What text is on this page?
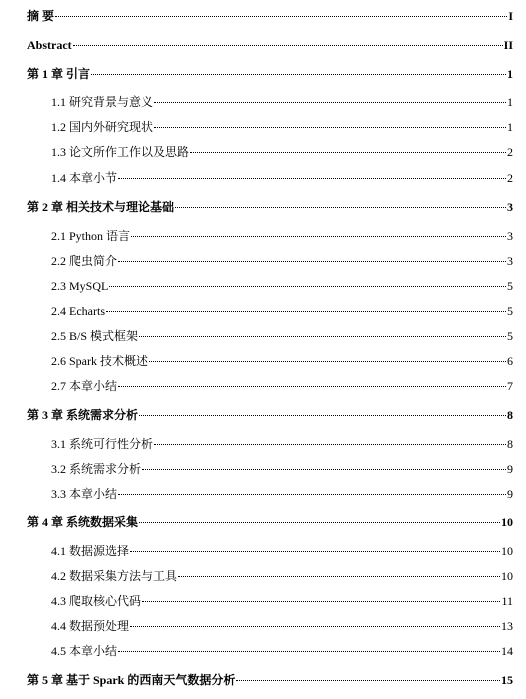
摘 要	I
Abstract	II
第 1 章 引言	1
1.1 研究背景与意义	1
1.2 国内外研究现状	1
1.3 论文所作工作以及思路	2
1.4 本章小节	2
第 2 章 相关技术与理论基础	3
2.1 Python 语言	3
2.2 爬虫简介	3
2.3 MySQL	5
2.4 Echarts	5
2.5 B/S 模式框架	5
2.6 Spark 技术概述	6
2.7 本章小结	7
第 3 章 系统需求分析	8
3.1 系统可行性分析	8
3.2 系统需求分析	9
3.3 本章小结	9
第 4 章 系统数据采集	10
4.1 数据源选择	10
4.2 数据采集方法与工具	10
4.3 爬取核心代码	11
4.4 数据预处理	13
4.5 本章小结	14
第 5 章 基于 Spark 的西南天气数据分析	15
